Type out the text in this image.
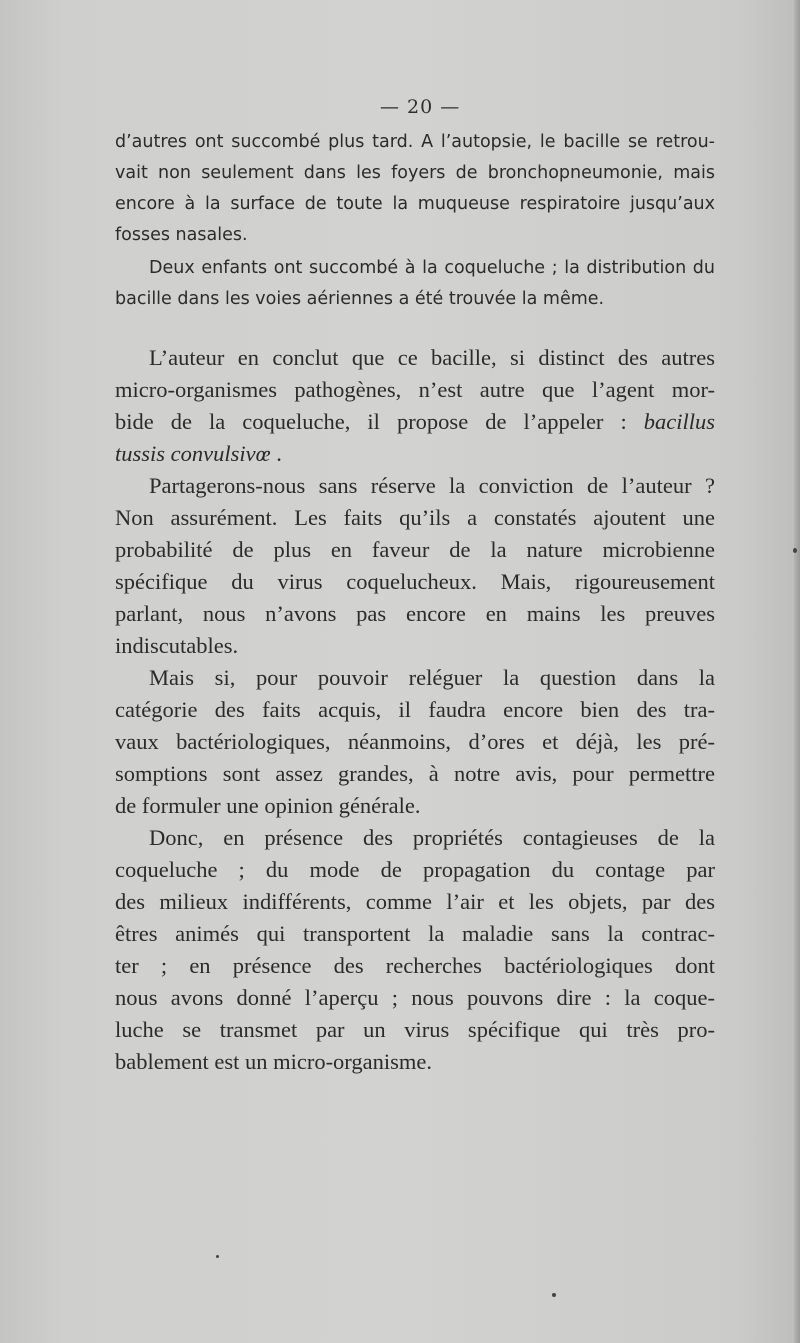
— 20 —
d’autres ont succombé plus tard. A l’autopsie, le bacille se retrou-
vait non seulement dans les foyers de bronchopneumonie, mais
encore à la surface de toute la muqueuse respiratoire jusqu’aux
fosses nasales.
Deux enfants ont succombé à la coqueluche ; la distribution du
bacille dans les voies aériennes a été trouvée la même.
L’auteur en conclut que ce bacille, si distinct des autres
micro-organismes pathogènes, n’est autre que l’agent mor-
bide de la coqueluche, il propose de l’appeler : bacillus
tussis convulsivœ .
Partagerons-nous sans réserve la conviction de l’auteur ?
Non assurément. Les faits qu’ils a constatés ajoutent une
probabilité de plus en faveur de la nature microbienne
spécifique du virus coquelucheux. Mais, rigoureusement
parlant, nous n’avons pas encore en mains les preuves
indiscutables.
Mais si, pour pouvoir reléguer la question dans la
catégorie des faits acquis, il faudra encore bien des tra-
vaux bactériologiques, néanmoins, d’ores et déjà, les pré-
somptions sont assez grandes, à notre avis, pour permettre
de formuler une opinion générale.
Donc, en présence des propriétés contagieuses de la
coqueluche ; du mode de propagation du contage par
des milieux indifférents, comme l’air et les objets, par des
êtres animés qui transportent la maladie sans la contrac-
ter ; en présence des recherches bactériologiques dont
nous avons donné l’aperçu ; nous pouvons dire : la coque-
luche se transmet par un virus spécifique qui très pro-
bablement est un micro-organisme.
